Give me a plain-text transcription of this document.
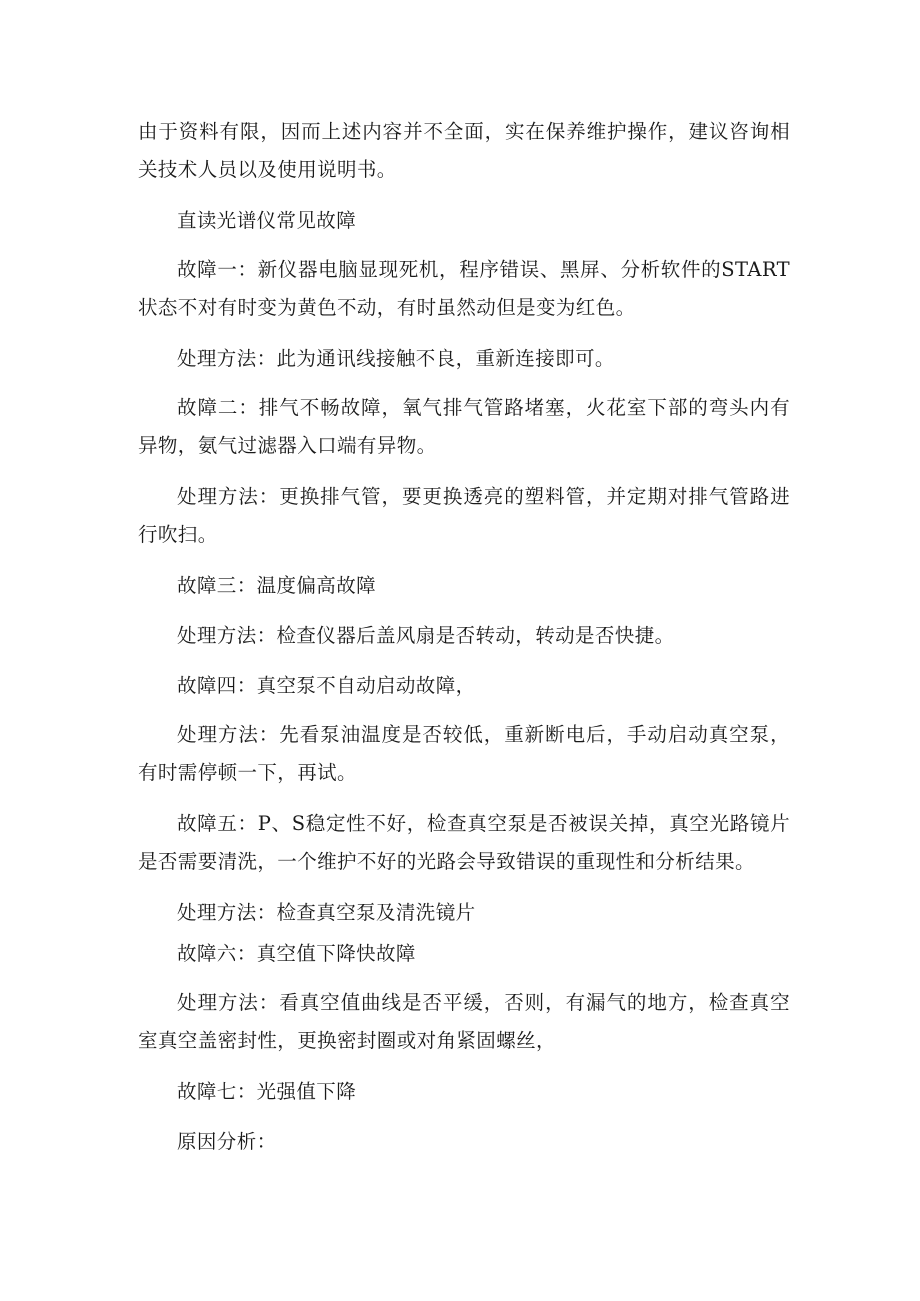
由于资料有限，因而上述内容并不全面，实在保养维护操作，建议咨询相关技术人员以及使用说明书。

直读光谱仪常见故障

故障一：新仪器电脑显现死机，程序错误、黑屏、分析软件的START状态不对有时变为黄色不动，有时虽然动但是变为红色。

处理方法：此为通讯线接触不良，重新连接即可。

故障二：排气不畅故障，氧气排气管路堵塞，火花室下部的弯头内有异物，氨气过滤器入口端有异物。

处理方法：更换排气管，要更换透亮的塑料管，并定期对排气管路进行吹扫。

故障三：温度偏高故障

处理方法：检查仪器后盖风扇是否转动，转动是否快捷。

故障四：真空泵不自动启动故障，

处理方法：先看泵油温度是否较低，重新断电后，手动启动真空泵，有时需停顿一下，再试。

故障五：P、S稳定性不好，检查真空泵是否被误关掉，真空光路镜片是否需要清洗，一个维护不好的光路会导致错误的重现性和分析结果。

处理方法：检查真空泵及清洗镜片

故障六：真空值下降快故障

处理方法：看真空值曲线是否平缓，否则，有漏气的地方，检查真空室真空盖密封性，更换密封圈或对角紧固螺丝，

故障七：光强值下降

原因分析：
